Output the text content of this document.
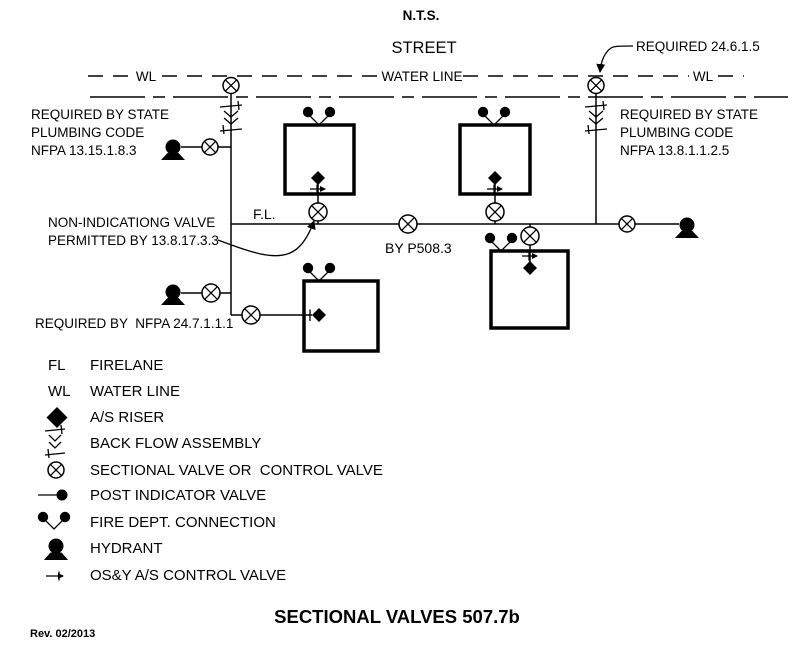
N.T.S.
STREET
WL	WATER LINE	WL
REQUIRED 24.6.1.5
REQUIRED BY STATE
PLUMBING CODE
NFPA 13.15.1.8.3
REQUIRED BY STATE
PLUMBING CODE
NFPA 13.8.1.1.2.5
NON-INDICATIONG VALVE
PERMITTED BY 13.8.17.3.3
F.L.
BY P508.3
REQUIRED BY  NFPA 24.7.1.1.1
FL FIRELANE
WL WATER LINE
A/S RISER
BACK FLOW ASSEMBLY
SECTIONAL VALVE OR  CONTROL VALVE
POST INDICATOR VALVE
FIRE DEPT. CONNECTION
HYDRANT
OS&Y A/S CONTROL VALVE
SECTIONAL VALVES 507.7b
Rev. 02/2013
